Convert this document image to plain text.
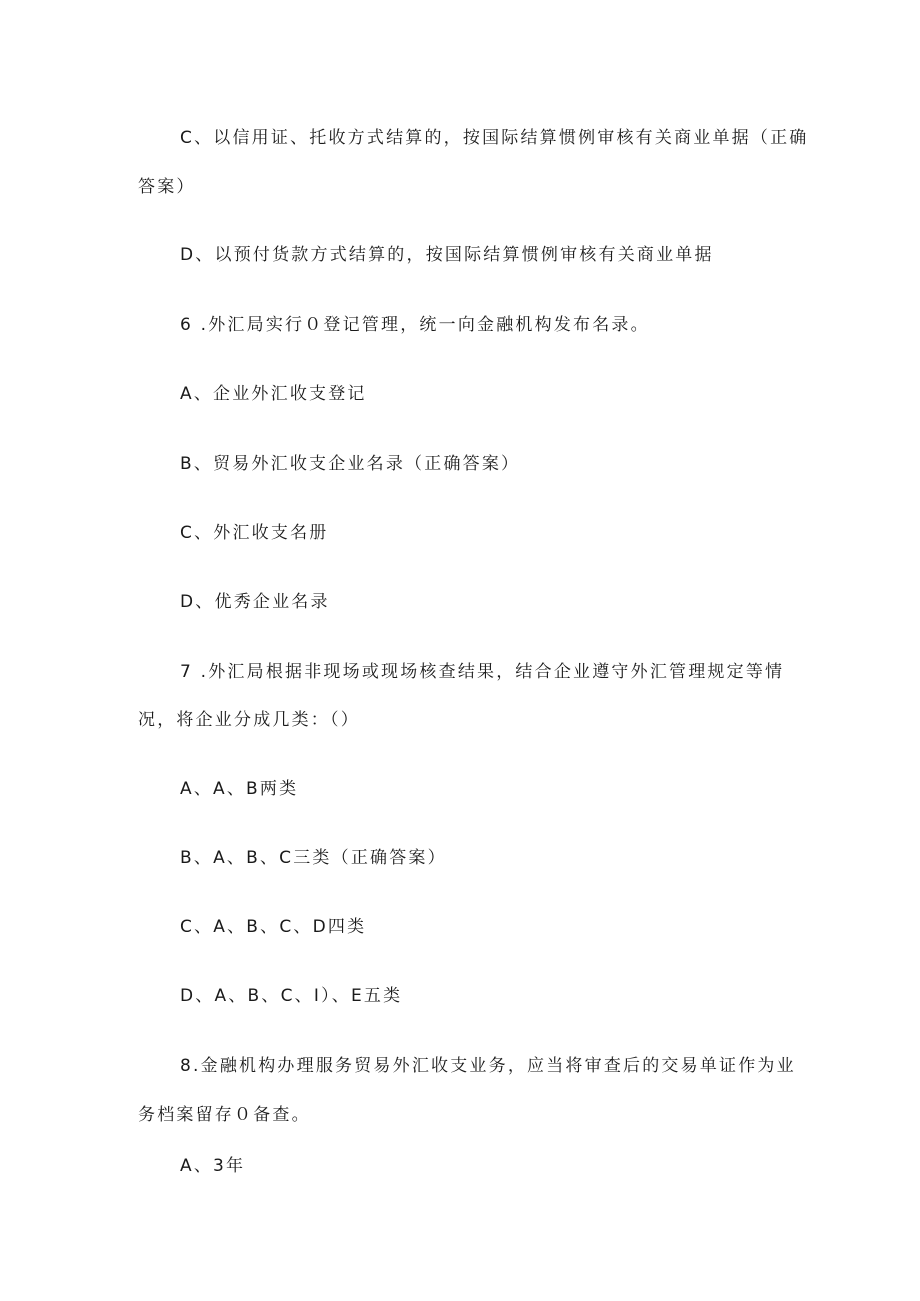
C、以信用证、托收方式结算的，按国际结算惯例审核有关商业单据（正确
答案）
D、以预付货款方式结算的，按国际结算惯例审核有关商业单据
6 .外汇局实行０登记管理，统一向金融机构发布名录。
A、企业外汇收支登记
B、贸易外汇收支企业名录（正确答案）
C、外汇收支名册
D、优秀企业名录
7 .外汇局根据非现场或现场核查结果，结合企业遵守外汇管理规定等情
况，将企业分成几类：（）
A、A、B两类
B、A、B、C三类（正确答案）
C、A、B、C、D四类
D、A、B、C、I）、E五类
8.金融机构办理服务贸易外汇收支业务，应当将审查后的交易单证作为业
务档案留存０备查。
A、3年
